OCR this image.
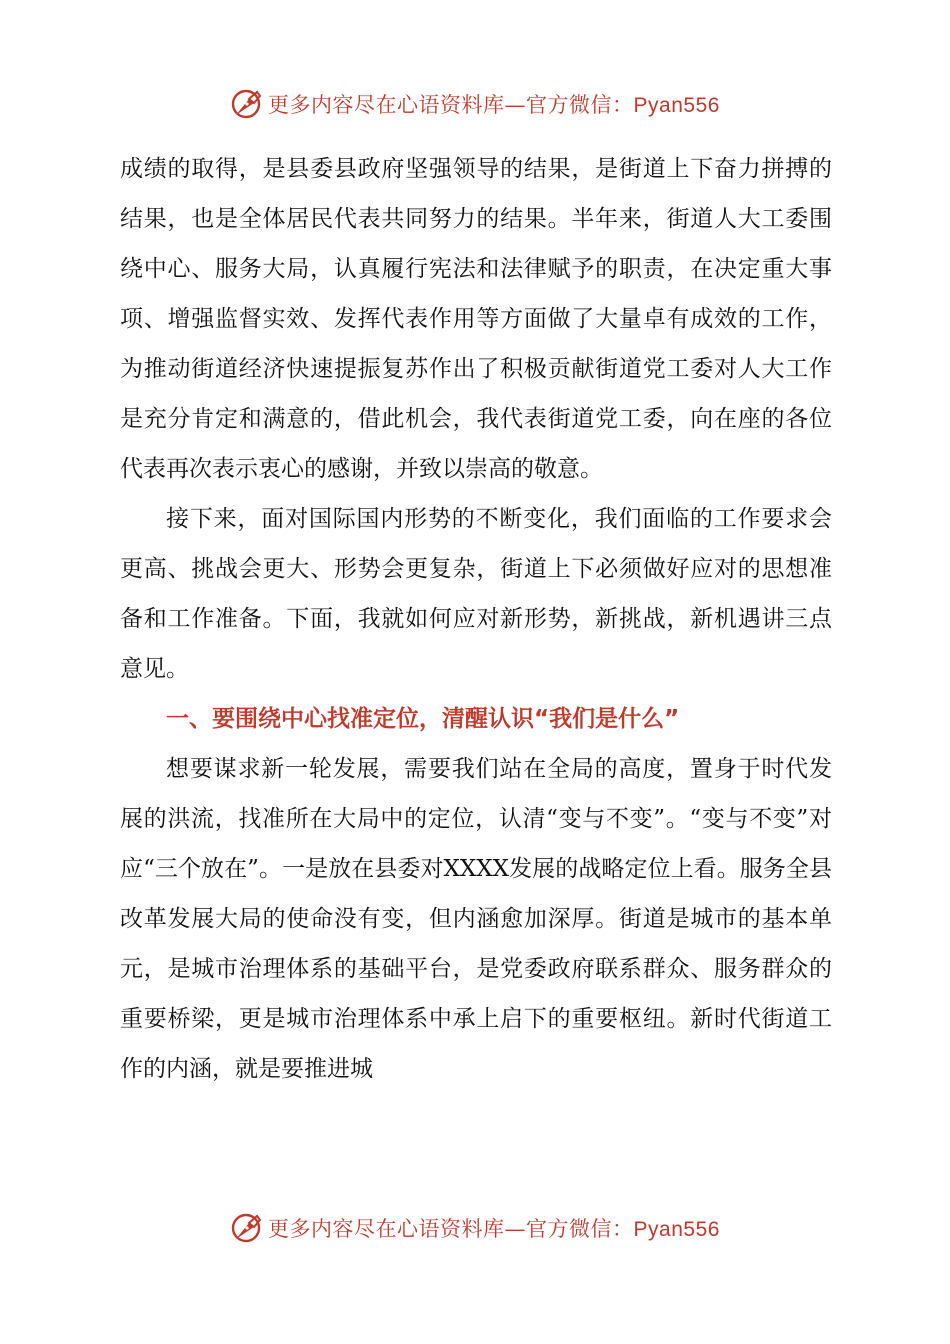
更多内容尽在心语资料库—官方微信：Pyan556

成绩的取得，是县委县政府坚强领导的结果，是街道上下奋力拼搏的结果，也是全体居民代表共同努力的结果。半年来，街道人大工委围绕中心、服务大局，认真履行宪法和法律赋予的职责，在决定重大事项、增强监督实效、发挥代表作用等方面做了大量卓有成效的工作，为推动街道经济快速提振复苏作出了积极贡献街道党工委对人大工作是充分肯定和满意的，借此机会，我代表街道党工委，向在座的各位代表再次表示衷心的感谢，并致以崇高的敬意。

接下来，面对国际国内形势的不断变化，我们面临的工作要求会更高、挑战会更大、形势会更复杂，街道上下必须做好应对的思想准备和工作准备。下面，我就如何应对新形势，新挑战，新机遇讲三点意见。

一、要围绕中心找准定位，清醒认识“我们是什么”

想要谋求新一轮发展，需要我们站在全局的高度，置身于时代发展的洪流，找准所在大局中的定位，认清“变与不变”。“变与不变”对应“三个放在”。一是放在县委对XXXX发展的战略定位上看。服务全县改革发展大局的使命没有变，但内涵愈加深厚。街道是城市的基本单元，是城市治理体系的基础平台，是党委政府联系群众、服务群众的重要桥梁，更是城市治理体系中承上启下的重要枢纽。新时代街道工作的内涵，就是要推进城

更多内容尽在心语资料库—官方微信：Pyan556
